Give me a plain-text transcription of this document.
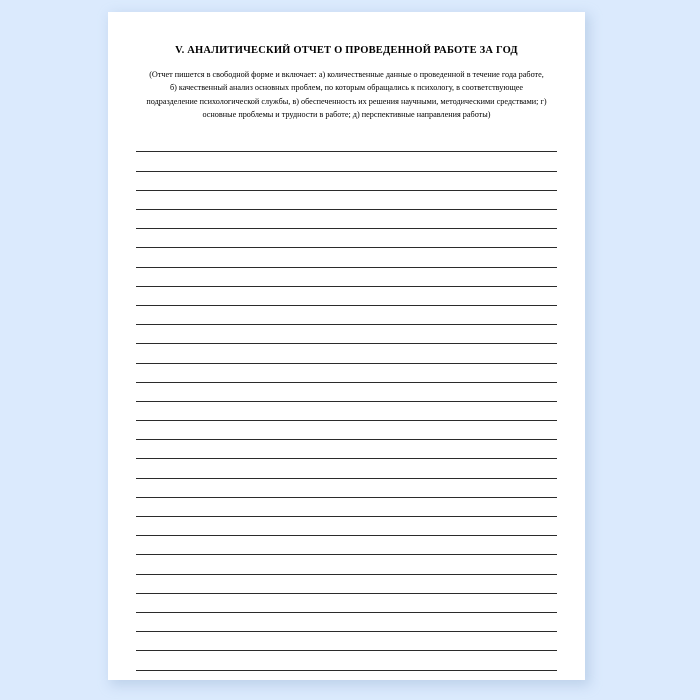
V. АНАЛИТИЧЕСКИЙ ОТЧЕТ О ПРОВЕДЕННОЙ РАБОТЕ ЗА ГОД
(Отчет пишется в свободной форме и включает: а) количественные данные о проведенной в течение года работе, б) качественный анализ основных проблем, по которым обращались к психологу, в соответствующее подразделение психологической службы, в) обеспеченность их решения научными, методическими средствами; г) основные проблемы и трудности в работе; д) перспективные направления работы)
